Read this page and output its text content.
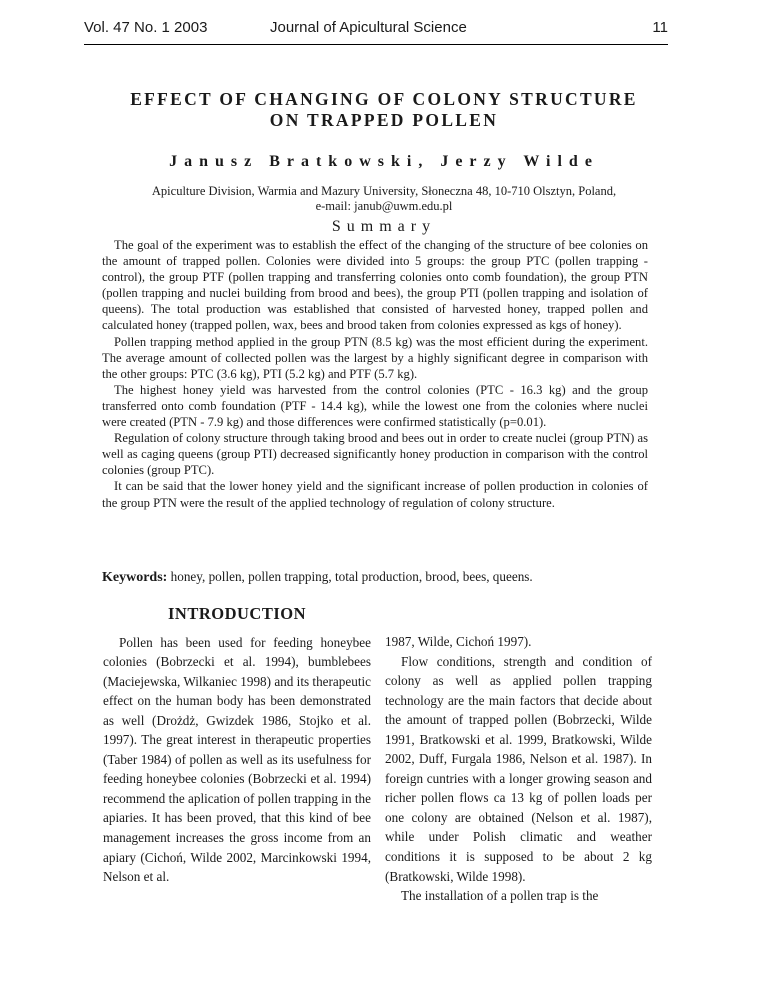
Vol. 47 No. 1 2003	Journal of Apicultural Science	11
EFFECT OF CHANGING OF COLONY STRUCTURE
ON TRAPPED POLLEN

Janusz Bratkowski, Jerzy Wilde

Apiculture Division, Warmia and Mazury University, Słoneczna 48, 10-710 Olsztyn, Poland,
e-mail: janub@uwm.edu.pl

Summary

The goal of the experiment was to establish the effect of the changing of the structure of bee colonies on the amount of trapped pollen. Colonies were divided into 5 groups: the group PTC (pollen trapping - control), the group PTF (pollen trapping and transferring colonies onto comb foundation), the group PTN (pollen trapping and nuclei building from brood and bees), the group PTI (pollen trapping and isolation of queens). The total production was established that consisted of harvested honey, trapped pollen and calculated honey (trapped pollen, wax, bees and brood taken from colonies expressed as kgs of honey).

Pollen trapping method applied in the group PTN (8.5 kg) was the most efficient during the experiment. The average amount of collected pollen was the largest by a highly significant degree in comparison with the other groups: PTC (3.6 kg), PTI (5.2 kg) and PTF (5.7 kg).

The highest honey yield was harvested from the control colonies (PTC - 16.3 kg) and the group transferred onto comb foundation (PTF - 14.4 kg), while the lowest one from the colonies where nuclei were created (PTN - 7.9 kg) and those differences were confirmed statistically (p=0.01).

Regulation of colony structure through taking brood and bees out in order to create nuclei (group PTN) as well as caging queens (group PTI) decreased significantly honey production in comparison with the control colonies (group PTC).

It can be said that the lower honey yield and the significant increase of pollen production in colonies of the group PTN were the result of the applied technology of regulation of colony structure.

Keywords: honey, pollen, pollen trapping, total production, brood, bees, queens.

INTRODUCTION

Pollen has been used for feeding honeybee colonies (Bobrzecki et al. 1994), bumblebees (Maciejewska, Wilkaniec 1998) and its therapeutic effect on the human body has been demonstrated as well (Drożdż, Gwizdek 1986, Stojko et al. 1997). The great interest in therapeutic properties (Taber 1984) of pollen as well as its usefulness for feeding honeybee colonies (Bobrzecki et al. 1994) recommend the aplication of pollen trapping in the apiaries. It has been proved, that this kind of bee management increases the gross income from an apiary (Cichoń, Wilde 2002, Marcinkowski 1994, Nelson et al.

1987, Wilde, Cichoń 1997).

Flow conditions, strength and condition of colony as well as applied pollen trapping technology are the main factors that decide about the amount of trapped pollen (Bobrzecki, Wilde 1991, Bratkowski et al. 1999, Bratkowski, Wilde 2002, Duff, Furgala 1986, Nelson et al. 1987). In foreign cuntries with a longer growing season and richer pollen flows ca 13 kg of pollen loads per one colony are obtained (Nelson et al. 1987), while under Polish climatic and weather conditions it is supposed to be about 2 kg (Bratkowski, Wilde 1998).

The installation of a pollen trap is the
